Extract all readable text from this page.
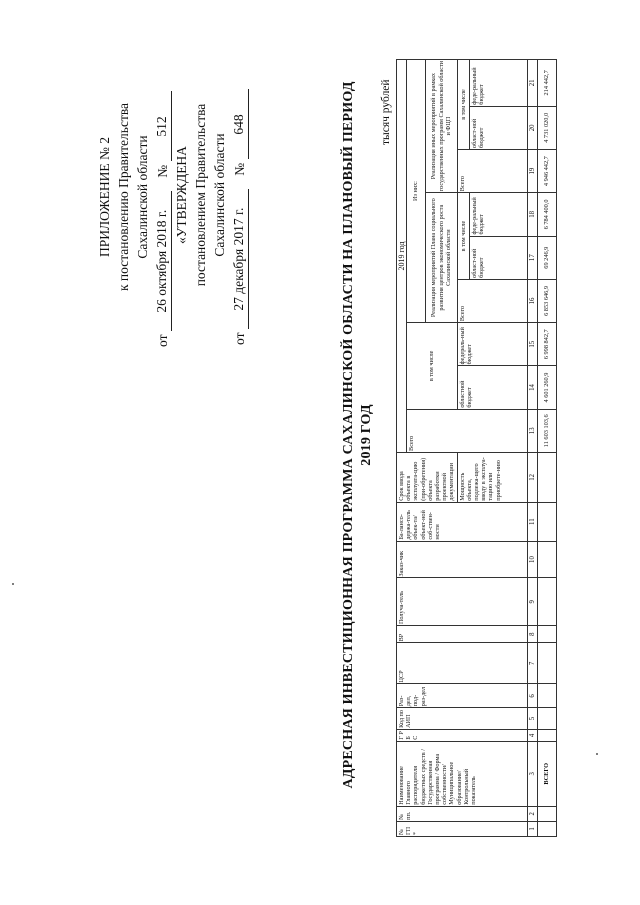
ПРИЛОЖЕНИЕ № 2 к постановлению Правительства Сахалинской области
от 26 октября 2018 г. № 512
«УТВЕРЖДЕНА постановлением Правительства Сахалинской области
от 27 декабря 2017 г. № 648	АДРЕСНАЯ ИНВЕСТИЦИОННАЯ ПРОГРАММА САХАЛИНСКОЙ ОБЛАСТИ НА ПЛАНОВЫЙ ПЕРИОД 2019 ГОД
тысяч рублей
№ ГП *	№ пп.	Наименование Главного распорядителя бюджетных средств / Государственная программа / Форма собственности/ Муниципальное образование/ Контрольный показатель	Г Р Б С	Код по АИП	Раз-дел, под-раз-дел	ЦСР	ВР	Получа-тель	Заказ-чик	Ба-лансо-держа-тель объек-та/ объект-ной соб-ствен-ности	Срок ввода объекта в эксплуата-цию (при-обретения) объекта разработки проектной документации	2019 год								
												Всего	в том числе		Из них:					
															Реализация мероприятий Плана социального развития центров экономического роста Сахалинской области			Реализация иных мероприятий в рамках государственных программ Сахалинской области и ФЦП		
											Мощность объекта, подлежа-щего вводу в эксплуа-тацию или приобрете-нию		областной бюджет	федераль-ный бюджет	Всего	в том числе		Всего	в том числе	
																област-ной бюджет	феде-ральный бюджет		област-ной бюджет	феде-ральный бюджет
1	2	3	4	5	6	7	8	9	10	11	12	13	14	15	16	17	18	19	20	21
		ВСЕГО										11 603 103,6	4 601 260,9	6 998 842,7	6 853 646,9	69 246,9	6 784 400,0	4 946 442,7	4 731 020,0	214 442,7
